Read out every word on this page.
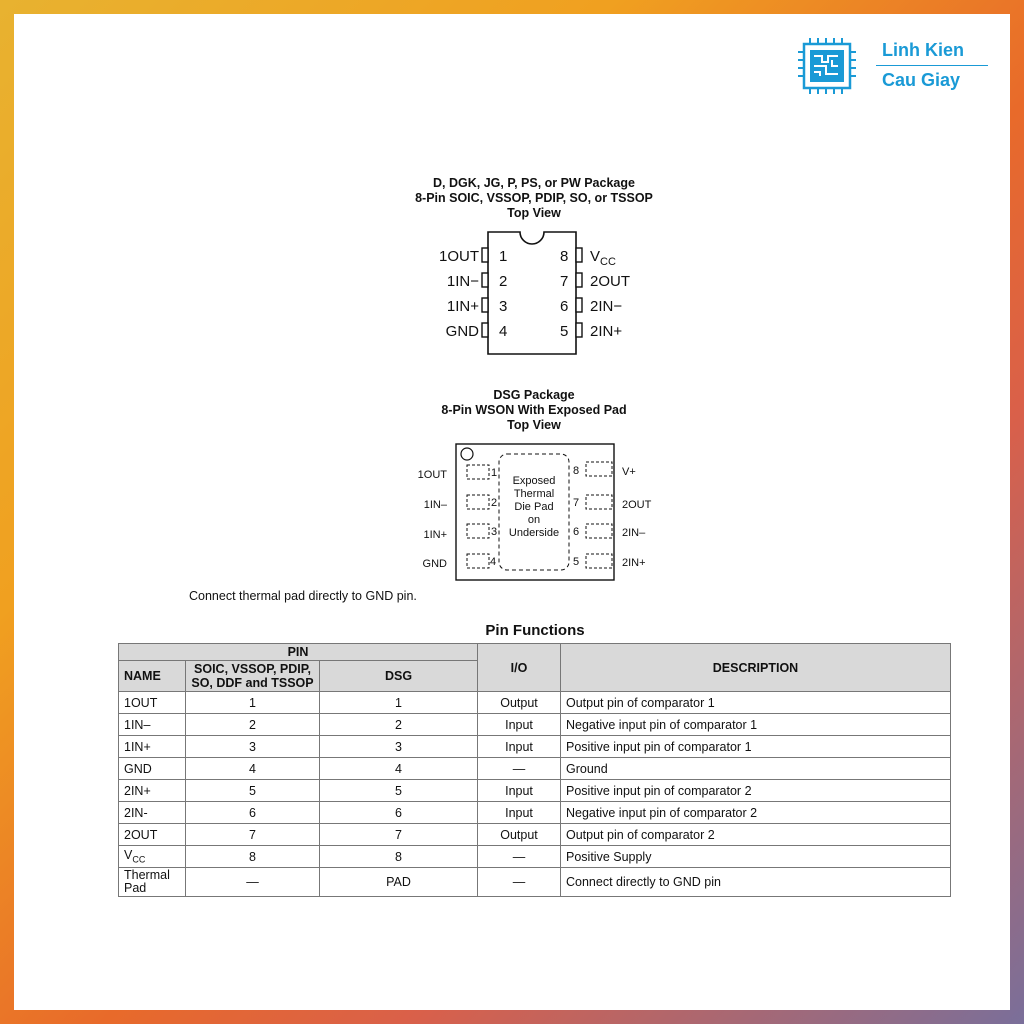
Linh Kien
Cau Giay
D, DGK, JG, P, PS, or PW Package
8-Pin SOIC, VSSOP, PDIP, SO, or TSSOP
Top View
1OUT
1IN−
1IN+
GND
1
2
3
4
8
7
6
5
$V_{CC}$
2OUT
2IN−
2IN+
DSG Package
8-Pin WSON With Exposed Pad
Top View
Exposed
Thermal
Die Pad
on
Underside
1OUT
1IN–
1IN+
GND
1
2
3
4
8
7
6
5
V+
2OUT
2IN–
2IN+
Connect thermal pad directly to GND pin.
Pin Functions
PIN			I/O	DESCRIPTION
NAME	SOIC, VSSOP, PDIP, SO, DDF and TSSOP	DSG		
1OUT	1	1	Output	Output pin of comparator 1
1IN–	2	2	Input	Negative input pin of comparator 1
1IN+	3	3	Input	Positive input pin of comparator 1
GND	4	4	—	Ground
2IN+	5	5	Input	Positive input pin of comparator 2
2IN-	6	6	Input	Negative input pin of comparator 2
2OUT	7	7	Output	Output pin of comparator 2
$V_{CC}$	8	8	—	Positive Supply
Thermal Pad	—	PAD	—	Connect directly to GND pin
